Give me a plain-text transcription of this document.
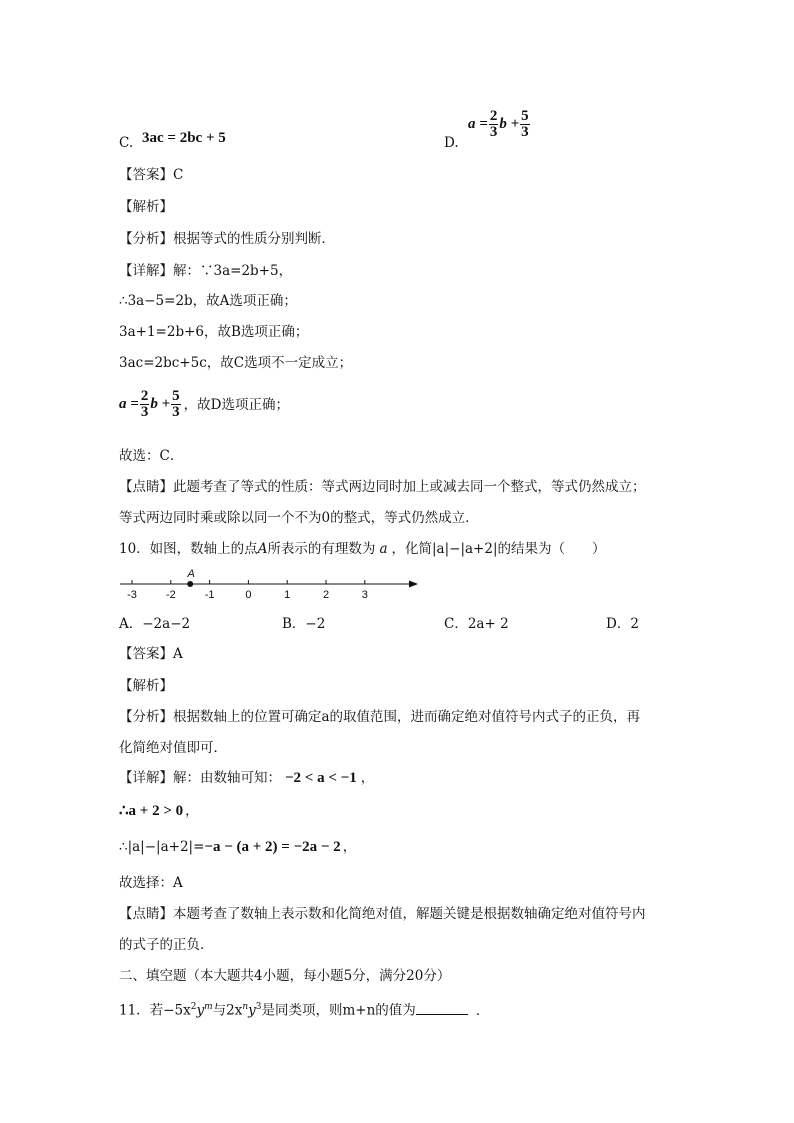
C. 3ac = 2bc + 5	D.
$a = \frac{2}{3}$ $b + \frac{5}{3}$
【答案】C
【解析】
【分析】根据等式的性质分别判断．
【详解】解：∵3a=2b+5，
∴3a−5=2b，故A选项正确；
3a+1=2b+6，故B选项正确；
3ac=2bc+5c，故C选项不一定成立；
$a = \frac{2}{3}$ $b + \frac{5}{3}$ ，故D选项正确；
故选：C．
【点睛】此题考查了等式的性质：等式两边同时加上或减去同一个整式，等式仍然成立；
等式两边同时乘或除以同一个不为0的整式，等式仍然成立．
10．如图，数轴上的点A所表示的有理数为 a ，化简|a|−|a+2|的结果为（　　）
-3	-2	-1	0	1	2	3
A
A．−2a−2	B．−2	C．2a+ 2	D．2
【答案】A
【解析】
【分析】根据数轴上的位置可确定a的取值范围，进而确定绝对值符号内式子的正负，再
化简绝对值即可．
【详解】解：由数轴可知： −2 < a < −1 ，
∴a + 2 > 0 ，
∴|a|−|a+2|= −a − (a + 2) = −2a − 2 ，
故选择：A
【点睛】本题考查了数轴上表示数和化简绝对值，解题关键是根据数轴确定绝对值符号内
的式子的正负．
二、填空题（本大题共4小题，每小题5分，满分20分）
11．若$-5x^2y^m$与$2x^ny^3$是同类项，则m+n的值为	．
